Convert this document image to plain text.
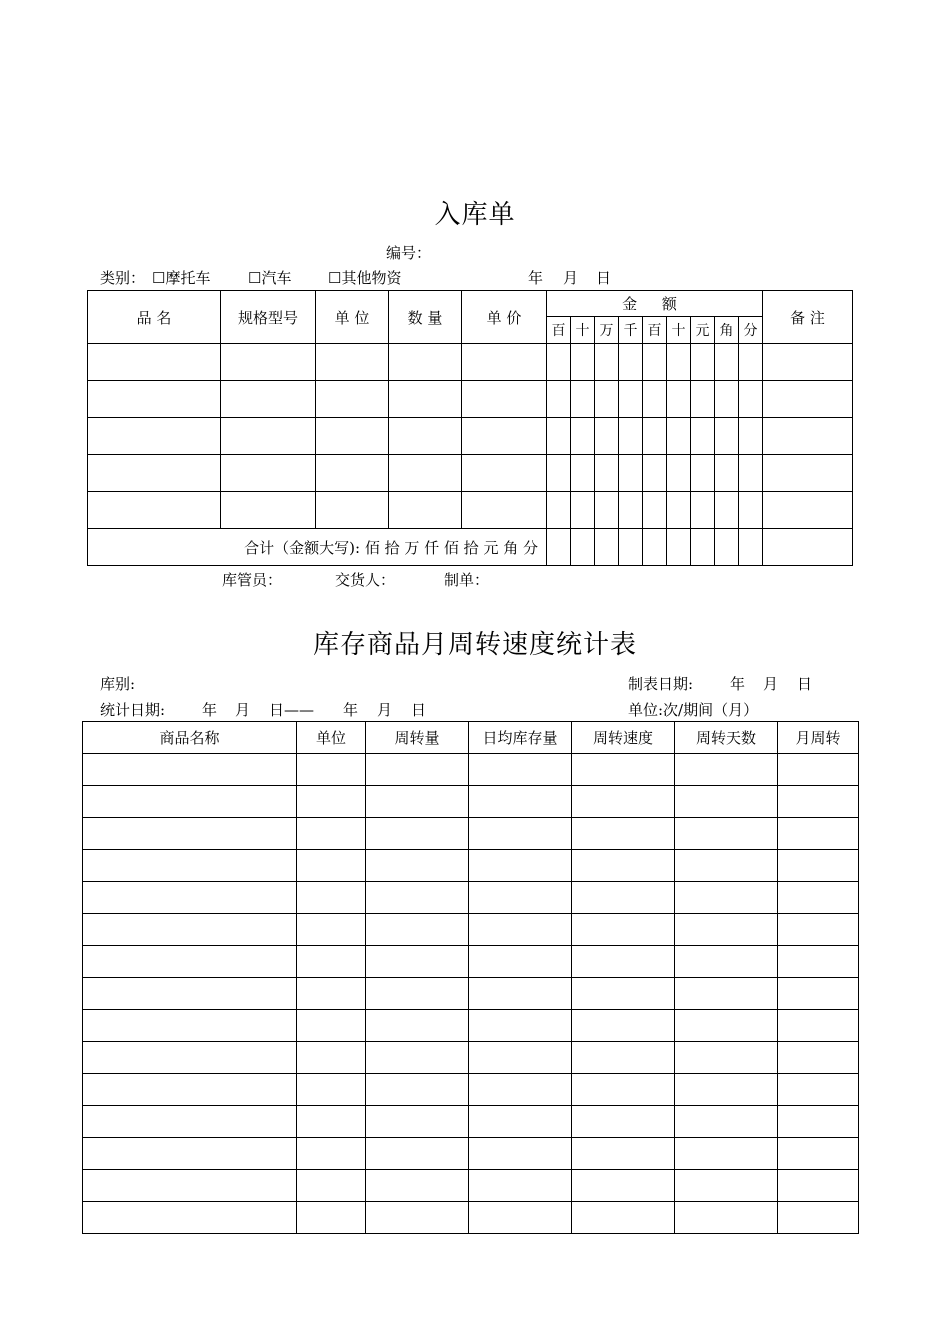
入库单
编号：
类别： ☐摩托车	☐汽车 ☐其他物资	年 月 日
品 名	规格型号	单 位	数 量	单 价	金 额									备 注
					百	十	万	千	百	十	元	角	分	

合计（金额大写): 佰 拾 万 仟 佰 拾 元 角 分														
库管员：	交货人：	制单：
库存商品月周转速度统计表
库别:	制表日期: 年 月 日
统计日期: 年 月 日—— 年 月 日	单位:次/期间（月）
商品名称	单位	周转量	日均库存量	周转速度	周转天数	月周转
